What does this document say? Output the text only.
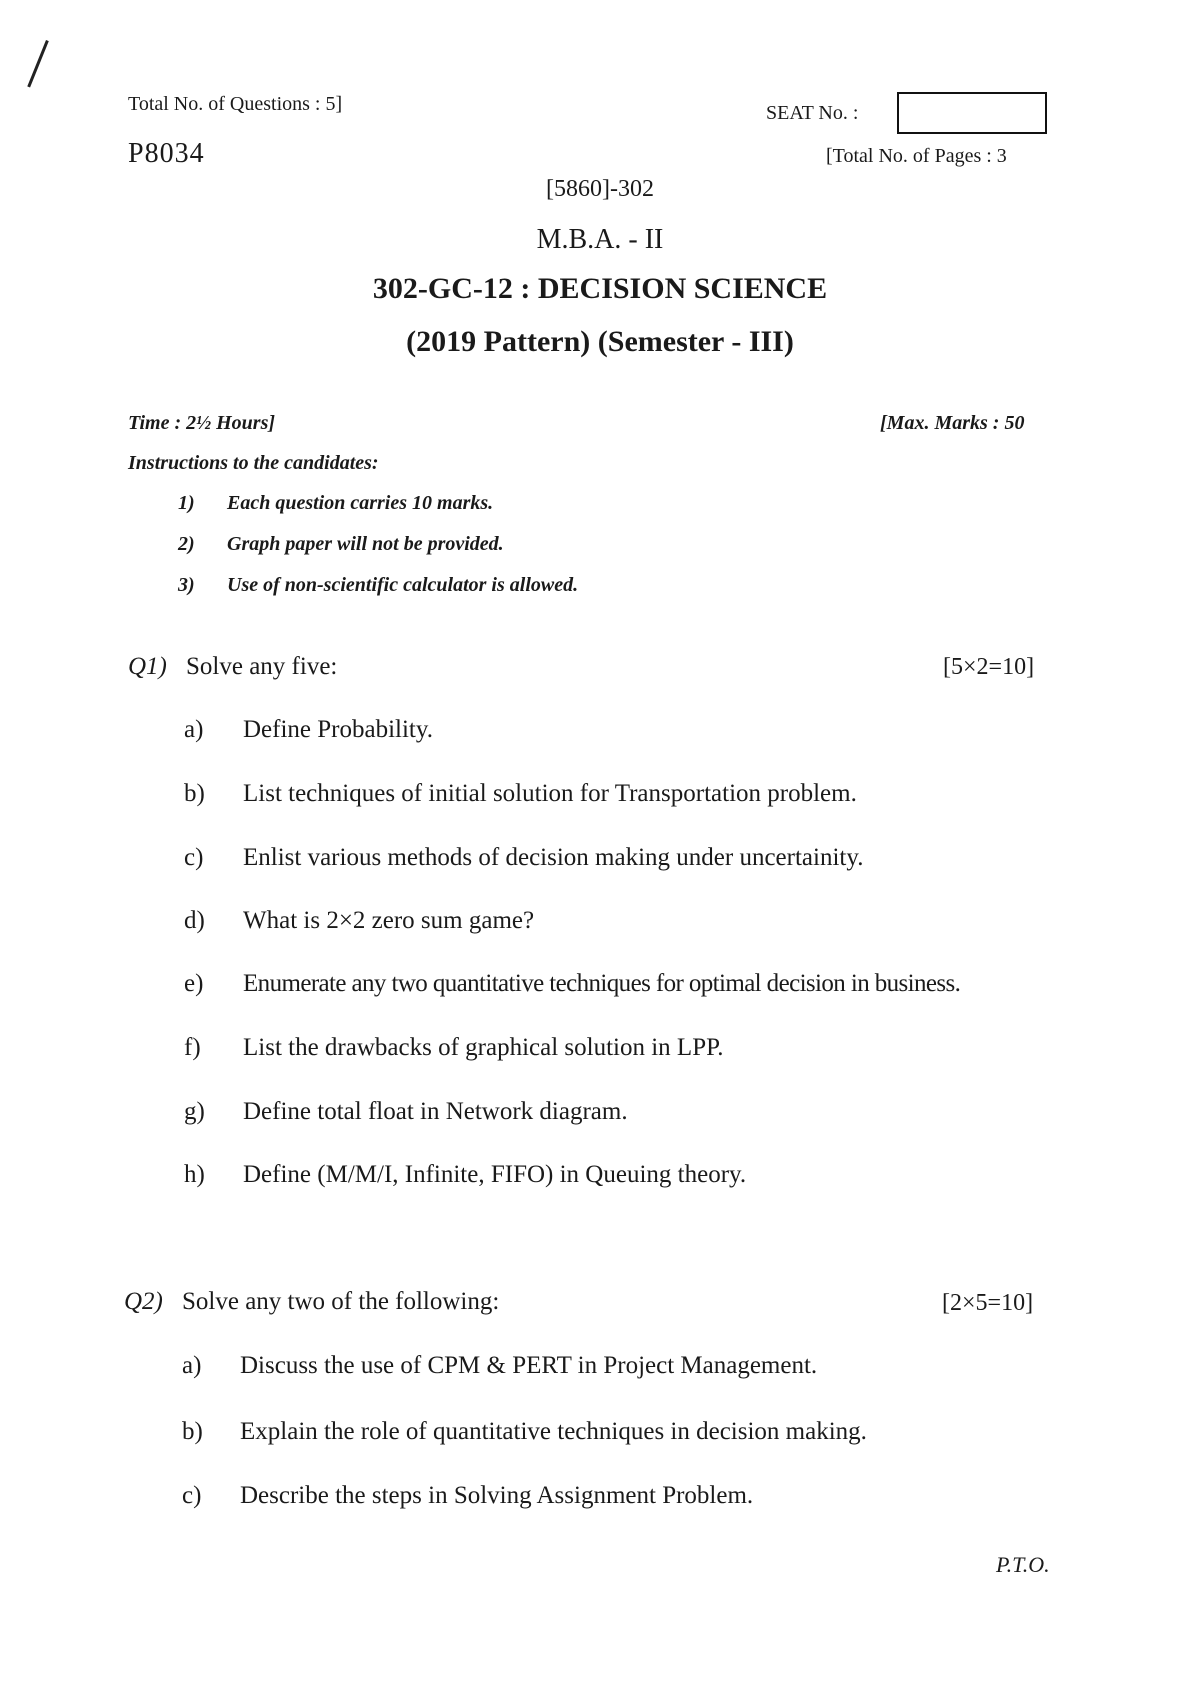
Total No. of Questions : 5]	SEAT No. :
P8034	[Total No. of Pages : 3
[5860]-302
M.B.A. - II
302-GC-12 : DECISION SCIENCE
(2019 Pattern) (Semester - III)
Time : 2½ Hours]	[Max. Marks : 50
Instructions to the candidates:
1)	Each question carries 10 marks.
2)	Graph paper will not be provided.
3)	Use of non-scientific calculator is allowed.
Q1) Solve any five:	[5×2=10]
a) Define Probability.
b) List techniques of initial solution for Transportation problem.
c) Enlist various methods of decision making under uncertainity.
d) What is 2×2 zero sum game?
e) Enumerate any two quantitative techniques for optimal decision in business.
f) List the drawbacks of graphical solution in LPP.
g) Define total float in Network diagram.
h) Define (M/M/I, Infinite, FIFO) in Queuing theory.
Q2) Solve any two of the following:	[2×5=10]
a) Discuss the use of CPM & PERT in Project Management.
b) Explain the role of quantitative techniques in decision making.
c) Describe the steps in Solving Assignment Problem.
P.T.O.
